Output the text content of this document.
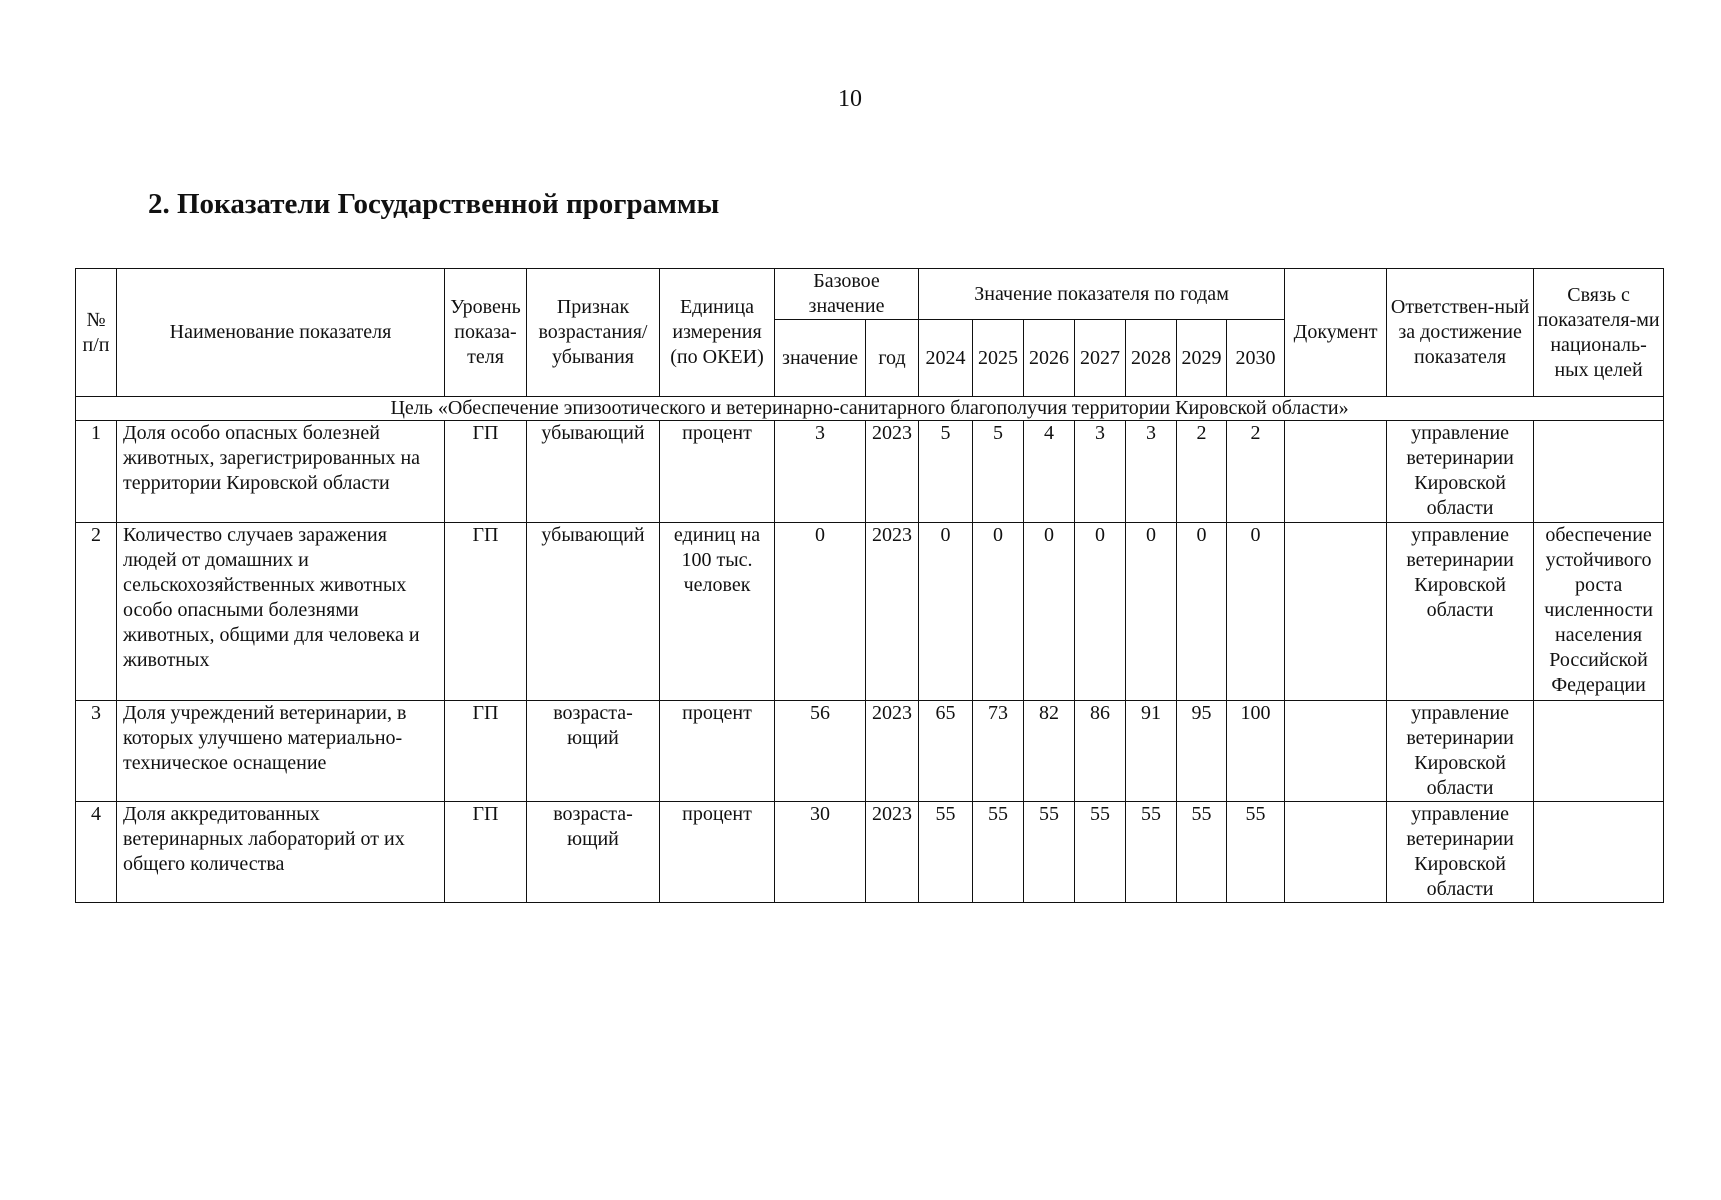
10
2. Показатели Государственной программы
№ п/п	Наименование показателя	Уровень показа-теля	Признак возрастания/ убывания	Единица измерения (по ОКЕИ)	Базовое значение		Значение показателя по годам							Документ	Ответствен-ный за достижение показателя	Связь с показателя-ми националь-ных целей
					значение	год	2024	2025	2026	2027	2028	2029	2030			
Цель «Обеспечение эпизоотического и ветеринарно-санитарного благополучия территории Кировской области»																
1	Доля особо опасных болезней животных, зарегистрированных на территории Кировской области	ГП	убывающий	процент	3	2023	5	5	4	3	3	2	2		управление ветеринарии Кировской области	
2	Количество случаев заражения людей от домашних и сельскохозяйственных животных особо опасными болезнями животных, общими для человека и животных	ГП	убывающий	единиц на 100 тыс. человек	0	2023	0	0	0	0	0	0	0		управление ветеринарии Кировской области	обеспечение устойчивого роста численности населения Российской Федерации
3	Доля учреждений ветеринарии, в которых улучшено материально-техническое оснащение	ГП	возраста-ющий	процент	56	2023	65	73	82	86	91	95	100		управление ветеринарии Кировской области	
4	Доля аккредитованных ветеринарных лабораторий от их общего количества	ГП	возраста-ющий	процент	30	2023	55	55	55	55	55	55	55		управление ветеринарии Кировской области	
